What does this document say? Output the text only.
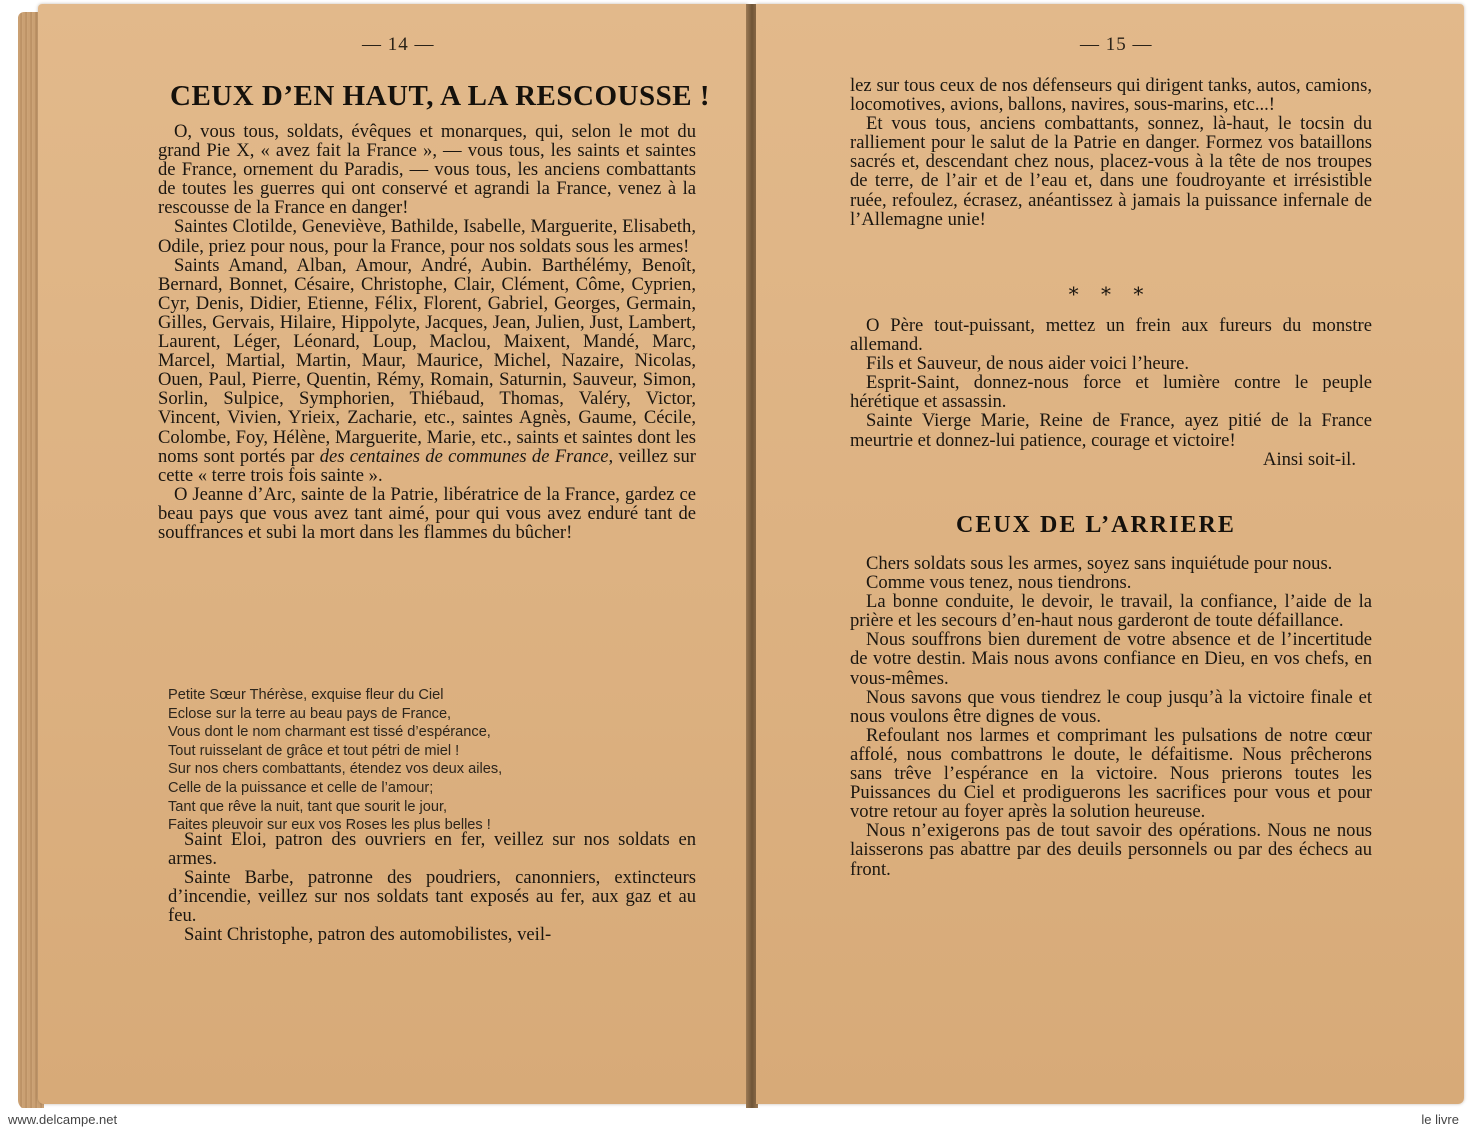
— 14 —
CEUX D’EN HAUT, A LA RESCOUSSE !

O, vous tous, soldats, évêques et monarques, qui, selon le mot du grand Pie X, « avez fait la France », — vous tous, les saints et saintes de France, ornement du Paradis, — vous tous, les anciens combattants de toutes les guerres qui ont conservé et agrandi la France, venez à la rescousse de la France en danger!

Saintes Clotilde, Geneviève, Bathilde, Isabelle, Marguerite, Elisabeth, Odile, priez pour nous, pour la France, pour nos soldats sous les armes!

Saints Amand, Alban, Amour, André, Aubin. Barthélémy, Benoît, Bernard, Bonnet, Césaire, Christophe, Clair, Clément, Côme, Cyprien, Cyr, Denis, Didier, Etienne, Félix, Florent, Gabriel, Georges, Germain, Gilles, Gervais, Hilaire, Hippolyte, Jacques, Jean, Julien, Just, Lambert, Laurent, Léger, Léonard, Loup, Maclou, Maixent, Mandé, Marc, Marcel, Martial, Martin, Maur, Maurice, Michel, Nazaire, Nicolas, Ouen, Paul, Pierre, Quentin, Rémy, Romain, Saturnin, Sauveur, Simon, Sorlin, Sulpice, Symphorien, Thiébaud, Thomas, Valéry, Victor, Vincent, Vivien, Yrieix, Zacharie, etc., saintes Agnès, Gaume, Cécile, Colombe, Foy, Hélène, Marguerite, Marie, etc., saints et saintes dont les noms sont portés par des centaines de communes de France, veillez sur cette « terre trois fois sainte ».

O Jeanne d’Arc, sainte de la Patrie, libératrice de la France, gardez ce beau pays que vous avez tant aimé, pour qui vous avez enduré tant de souffrances et subi la mort dans les flammes du bûcher!

Petite Sœur Thérèse, exquise fleur du Ciel
Eclose sur la terre au beau pays de France,
Vous dont le nom charmant est tissé d’espérance,
Tout ruisselant de grâce et tout pétri de miel !
Sur nos chers combattants, étendez vos deux ailes,
Celle de la puissance et celle de l’amour;
Tant que rêve la nuit, tant que sourit le jour,
Faites pleuvoir sur eux vos Roses les plus belles !

Saint Eloi, patron des ouvriers en fer, veillez sur nos soldats en armes.

Sainte Barbe, patronne des poudriers, canonniers, extincteurs d’incendie, veillez sur nos soldats tant exposés au fer, aux gaz et au feu.

Saint Christophe, patron des automobilistes, veil-

— 15 —

lez sur tous ceux de nos défenseurs qui dirigent tanks, autos, camions, locomotives, avions, ballons, navires, sous-marins, etc...!

Et vous tous, anciens combattants, sonnez, là-haut, le tocsin du ralliement pour le salut de la Patrie en danger. Formez vos bataillons sacrés et, descendant chez nous, placez-vous à la tête de nos troupes de terre, de l’air et de l’eau et, dans une foudroyante et irrésistible ruée, refoulez, écrasez, anéantissez à jamais la puissance infernale de l’Allemagne unie!

* * *

O Père tout-puissant, mettez un frein aux fureurs du monstre allemand.

Fils et Sauveur, de nous aider voici l’heure.

Esprit-Saint, donnez-nous force et lumière contre le peuple hérétique et assassin.

Sainte Vierge Marie, Reine de France, ayez pitié de la France meurtrie et donnez-lui patience, courage et victoire!

Ainsi soit-il.

CEUX DE L’ARRIERE

Chers soldats sous les armes, soyez sans inquiétude pour nous.

Comme vous tenez, nous tiendrons.

La bonne conduite, le devoir, le travail, la confiance, l’aide de la prière et les secours d’en-haut nous garderont de toute défaillance.

Nous souffrons bien durement de votre absence et de l’incertitude de votre destin. Mais nous avons confiance en Dieu, en vos chefs, en vous-mêmes.

Nous savons que vous tiendrez le coup jusqu’à la victoire finale et nous voulons être dignes de vous.

Refoulant nos larmes et comprimant les pulsations de notre cœur affolé, nous combattrons le doute, le défaitisme. Nous prêcherons sans trêve l’espérance en la victoire. Nous prierons toutes les Puissances du Ciel et prodiguerons les sacrifices pour vous et pour votre retour au foyer après la solution heureuse.

Nous n’exigerons pas de tout savoir des opérations. Nous ne nous laisserons pas abattre par des deuils personnels ou par des échecs au front.

www.delcampe.net	le livre
